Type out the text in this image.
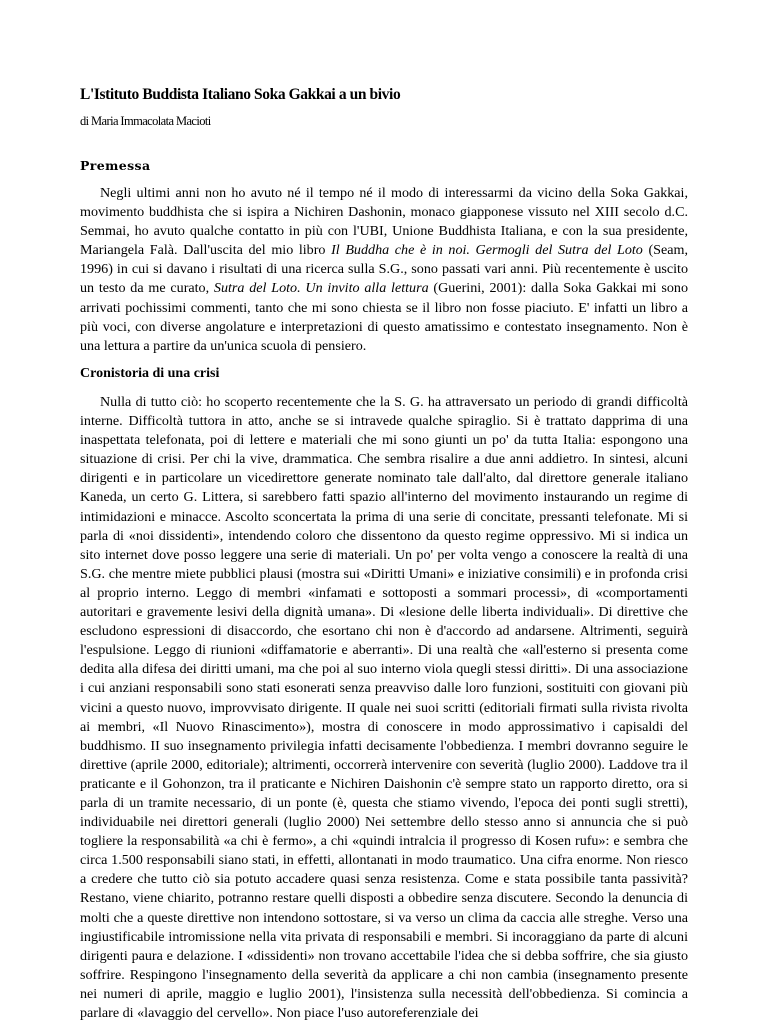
L'Istituto Buddista Italiano Soka Gakkai a un bivio

di Maria Immacolata Macioti

Premessa

Negli ultimi anni non ho avuto né il tempo né il modo di interessarmi da vicino della Soka Gakkai, movimento buddhista che si ispira a Nichiren Dashonin, monaco giapponese vissuto nel XIII secolo d.C. Semmai, ho avuto qualche contatto in più con l'UBI, Unione Buddhista Italiana, e con la sua presidente, Mariangela Falà. Dall'uscita del mio libro Il Buddha che è in noi. Germogli del Sutra del Loto (Seam, 1996) in cui si davano i risultati di una ricerca sulla S.G., sono passati vari anni. Più recentemente è uscito un testo da me curato, Sutra del Loto. Un invito alla lettura (Guerini, 2001): dalla Soka Gakkai mi sono arrivati pochissimi commenti, tanto che mi sono chiesta se il libro non fosse piaciuto. E' infatti un libro a più voci, con diverse angolature e interpretazioni di questo amatissimo e contestato insegnamento. Non è una lettura a partire da un'unica scuola di pensiero.

Cronistoria di una crisi

Nulla di tutto ciò: ho scoperto recentemente che la S. G. ha attraversato un periodo di grandi difficoltà interne. Difficoltà tuttora in atto, anche se si intravede qualche spiraglio. Si è trattato dapprima di una inaspettata telefonata, poi di lettere e materiali che mi sono giunti un po' da tutta Italia: espongono una situazione di crisi. Per chi la vive, drammatica. Che sembra risalire a due anni addietro. In sintesi, alcuni dirigenti e in particolare un vicedirettore generate nominato tale dall'alto, dal direttore generale italiano Kaneda, un certo G. Littera, si sarebbero fatti spazio all'interno del movimento instaurando un regime di intimidazioni e minacce. Ascolto sconcertata la prima di una serie di concitate, pressanti telefonate. Mi si parla di «noi dissidenti», intendendo coloro che dissentono da questo regime oppressivo. Mi si indica un sito internet dove posso leggere una serie di materiali. Un po' per volta vengo a conoscere la realtà di una S.G. che mentre miete pubblici plausi (mostra sui «Diritti Umani» e iniziative consimili) e in profonda crisi al proprio interno. Leggo di membri «infamati e sottoposti a sommari processi», di «comportamenti autoritari e gravemente lesivi della dignità umana». Di «lesione delle liberta individuali». Di direttive che escludono espressioni di disaccordo, che esortano chi non è d'accordo ad andarsene. Altrimenti, seguirà l'espulsione. Leggo di riunioni «diffamatorie e aberranti». Di una realtà che «all'esterno si presenta come dedita alla difesa dei diritti umani, ma che poi al suo interno viola quegli stessi diritti». Di una associazione i cui anziani responsabili sono stati esonerati senza preavviso dalle loro funzioni, sostituiti con giovani più vicini a questo nuovo, improvvisato dirigente. II quale nei suoi scritti (editoriali firmati sulla rivista rivolta ai membri, «Il Nuovo Rinascimento»), mostra di conoscere in modo approssimativo i capisaldi del buddhismo. II suo insegnamento privilegia infatti decisamente l'obbedienza. I membri dovranno seguire le direttive (aprile 2000, editoriale); altrimenti, occorrerà intervenire con severità (luglio 2000). Laddove tra il praticante e il Gohonzon, tra il praticante e Nichiren Daishonin c'è sempre stato un rapporto diretto, ora si parla di un tramite necessario, di un ponte (è, questa che stiamo vivendo, l'epoca dei ponti sugli stretti), individuabile nei direttori generali (luglio 2000) Nei settembre dello stesso anno si annuncia che si può togliere la responsabilità «a chi è fermo», a chi «quindi intralcia il progresso di Kosen rufu»: e sembra che circa 1.500 responsabili siano stati, in effetti, allontanati in modo traumatico. Una cifra enorme. Non riesco a credere che tutto ciò sia potuto accadere quasi senza resistenza. Come e stata possibile tanta passività? Restano, viene chiarito, potranno restare quelli disposti a obbedire senza discutere. Secondo la denuncia di molti che a queste direttive non intendono sottostare, si va verso un clima da caccia alle streghe. Verso una ingiustificabile intromissione nella vita privata di responsabili e membri. Si incoraggiano da parte di alcuni dirigenti paura e delazione. I «dissidenti» non trovano accettabile l'idea che si debba soffrire, che sia giusto soffrire. Respingono l'insegnamento della severità da applicare a chi non cambia (insegnamento presente nei numeri di aprile, maggio e luglio 2001), l'insistenza sulla necessità dell'obbedienza. Si comincia a parlare di «lavaggio del cervello». Non piace l'uso autoreferenziale dei
